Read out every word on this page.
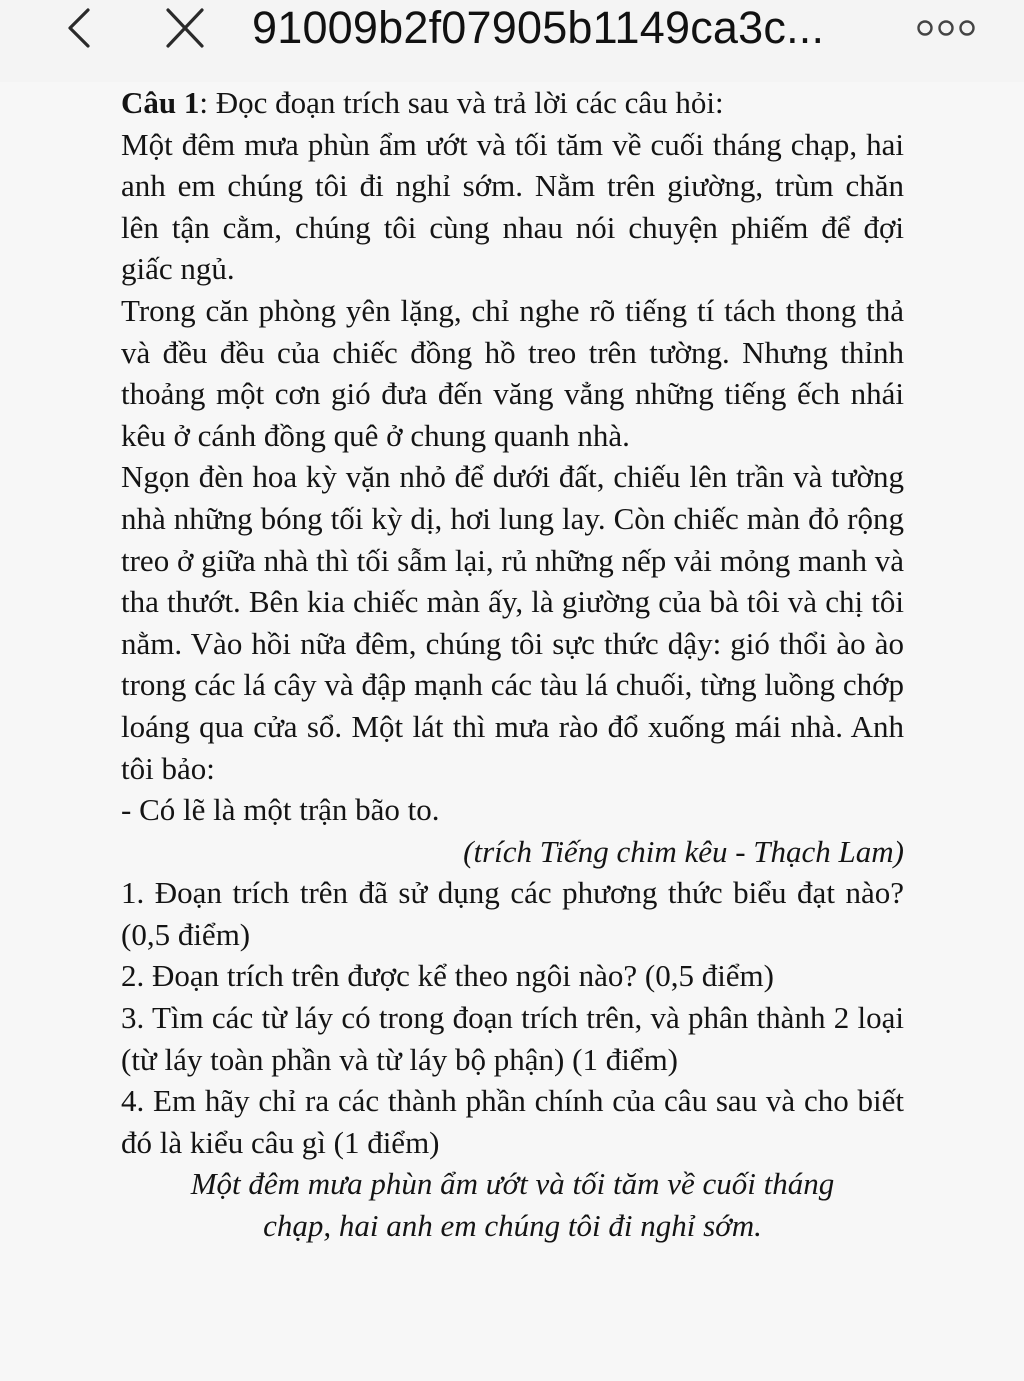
91009b2f07905b1149ca3c...

Câu 1: Đọc đoạn trích sau và trả lời các câu hỏi:

Một đêm mưa phùn ẩm ướt và tối tăm về cuối tháng chạp, hai anh em chúng tôi đi nghỉ sớm. Nằm trên giường, trùm chăn lên tận cằm, chúng tôi cùng nhau nói chuyện phiếm để đợi giấc ngủ.

Trong căn phòng yên lặng, chỉ nghe rõ tiếng tí tách thong thả và đều đều của chiếc đồng hồ treo trên tường. Nhưng thỉnh thoảng một cơn gió đưa đến văng vẳng những tiếng ếch nhái kêu ở cánh đồng quê ở chung quanh nhà.

Ngọn đèn hoa kỳ vặn nhỏ để dưới đất, chiếu lên trần và tường nhà những bóng tối kỳ dị, hơi lung lay. Còn chiếc màn đỏ rộng treo ở giữa nhà thì tối sẫm lại, rủ những nếp vải mỏng manh và tha thướt. Bên kia chiếc màn ấy, là giường của bà tôi và chị tôi nằm. Vào hồi nữa đêm, chúng tôi sực thức dậy: gió thổi ào ào trong các lá cây và đập mạnh các tàu lá chuối, từng luồng chớp loáng qua cửa sổ. Một lát thì mưa rào đổ xuống mái nhà. Anh tôi bảo:

- Có lẽ là một trận bão to.

(trích Tiếng chim kêu - Thạch Lam)

1. Đoạn trích trên đã sử dụng các phương thức biểu đạt nào? (0,5 điểm)

2. Đoạn trích trên được kể theo ngôi nào? (0,5 điểm)

3. Tìm các từ láy có trong đoạn trích trên, và phân thành 2 loại (từ láy toàn phần và từ láy bộ phận) (1 điểm)

4. Em hãy chỉ ra các thành phần chính của câu sau và cho biết đó là kiểu câu gì (1 điểm)

Một đêm mưa phùn ẩm ướt và tối tăm về cuối tháng
chạp, hai anh em chúng tôi đi nghỉ sớm.
